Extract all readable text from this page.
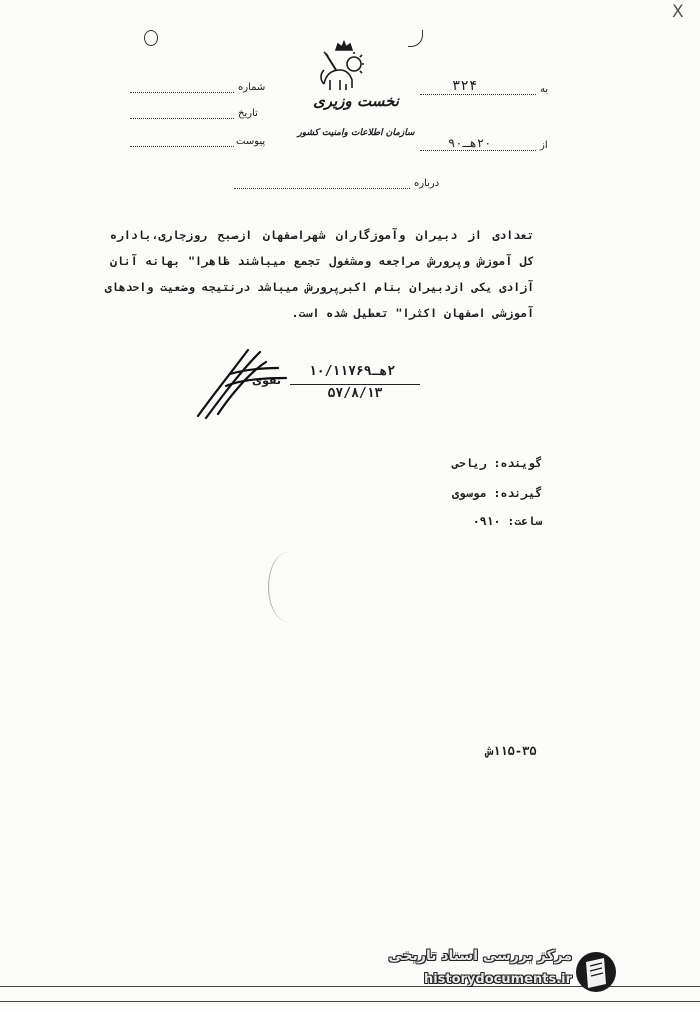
X
نخست وزیری
سازمان اطلاعات وامنیت کشور
شماره
تاریخ
پیوست
به
۳۲۴
از
۲۰هـ۹۰
درباره

تعدادی از دبیران وآموزگاران شهراصفهان ازصبح روزجاری،باداره

کل آموزش وپرورش مراجعه ومشغول تجمع میباشند ظاهرا" بهانه آنان

آزادی یکی ازدبیران بنام اکبرپرورش میباشد درنتیجه وضعیت واحدهای

آموزشی اصفهان اکثرا" تعطیل شده است.

۲هـ۱۰/۱۱۷۶۹
۵۷/۸/۱۳
تقوی
گوینده: ریاحی
گیرنده: موسوی
ساعت: ۰۹۱۰
۱۱۵-۳۵ش
مرکز بررسی اسناد تاریخی
historydocuments.ir
